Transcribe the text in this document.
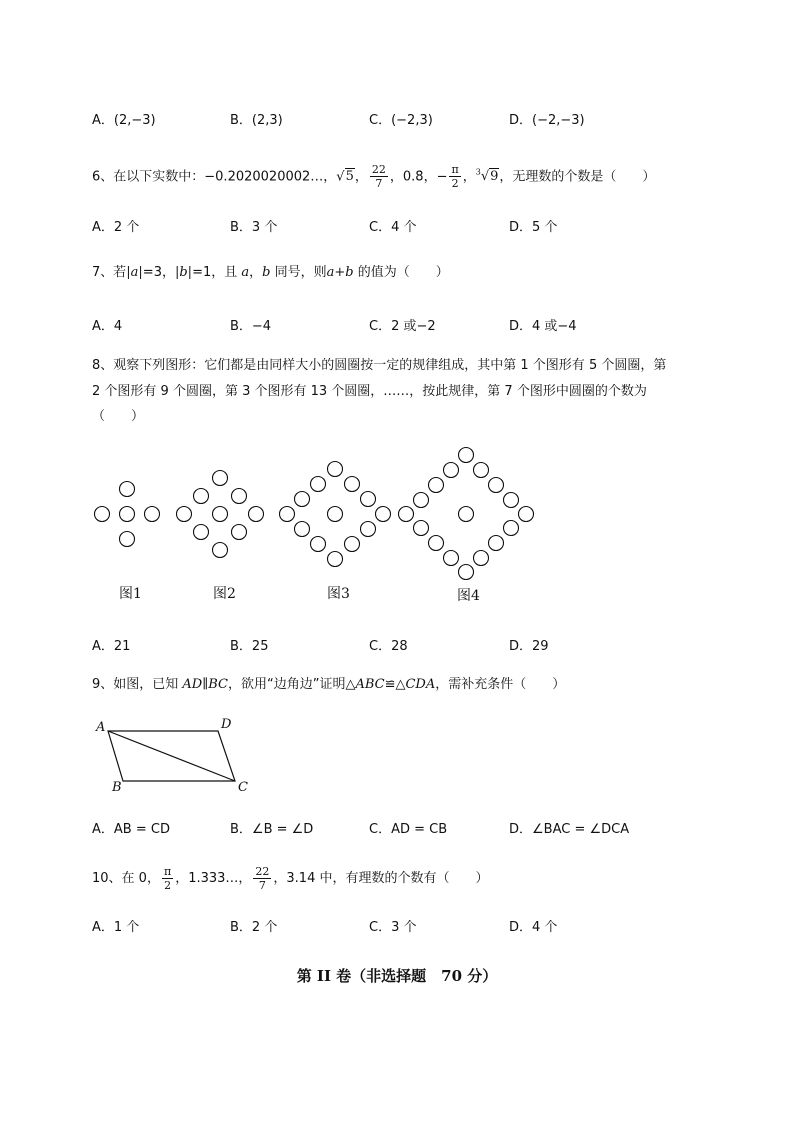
A．(2,−3)	B．(2,3)	C．(−2,3)	D．(−2,−3)
6、在以下实数中：−0.2020020002…，√5， $\frac{22}{7}$ ，0.8̇，− $\frac{\pi}{2}$ ，$^3$√9，无理数的个数是（　　）
A．2 个	B．3 个	C．4 个	D．5 个
7、若|a|=3，|b|=1，且 a，b 同号，则a+b 的值为（　　）
A．4	B．−4	C．2 或−2	D．4 或−4
8、观察下列图形：它们都是由同样大小的圆圈按一定的规律组成，其中第 1 个图形有 5 个圆圈，第
2 个图形有 9 个圆圈，第 3 个图形有 13 个圆圈，……，按此规律，第 7 个图形中圆圈的个数为
（　　）
图1	图2	图3	图4
A．21	B．25	C．28	D．29
9、如图，已知 AD∥BC，欲用“边角边”证明△ABC≌△CDA，需补充条件（　　）
A	D
B	C
A．AB = CD	B．∠B = ∠D	C．AD = CB	D．∠BAC = ∠DCA
10、在 0， $\frac{\pi}{2}$ ，1.333…， $\frac{22}{7}$ ，3.14 中，有理数的个数有（　　）
A．1 个	B．2 个	C．3 个	D．4 个
第 II 卷（非选择题　70 分）
